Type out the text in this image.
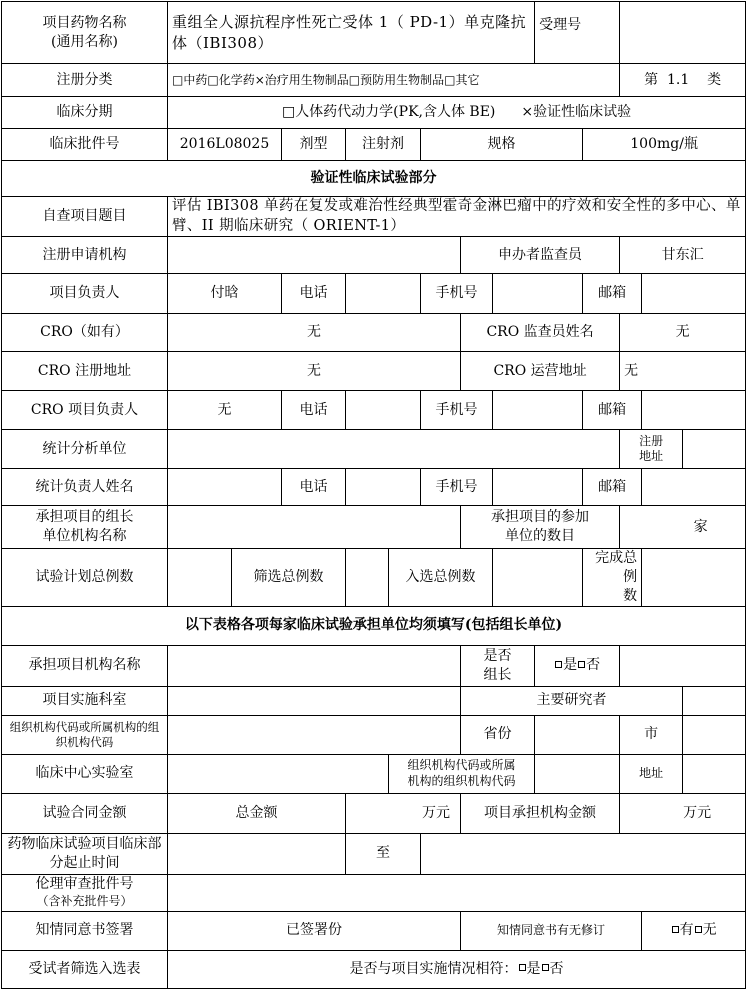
项目药物名称
(通用名称)	重组全人源抗程序性死亡受体 1（ PD-1）单克隆抗体（IBI308）								受理号				
注册分类	□中药□化学药×治疗用生物制品□预防用生物制品□其它										第  1.1    类		
临床分期	□人体药代动力学(PK,含人体 BE) ×验证性临床试验												
临床批件号	2016L08025		剂型	注射剂		规格				100mg/瓶			
验证性临床试验部分													
自查项目题目	评估 IBI308 单药在复发或难治性经典型霍奇金淋巴瘤中的疗效和安全性的多中心、单臂、II 期临床研究（ ORIENT-1）												
注册申请机构							申办者监查员				甘东汇		
项目负责人	付晗		电话			手机号				邮箱			
CRO（如有）	无						CRO 监查员姓名				无		
CRO 注册地址	无						CRO 运营地址				无		
CRO 项目负责人	无		电话			手机号				邮箱			
统计分析单位											注册
地址		
统计负责人姓名			电话			手机号				邮箱			
承担项目的组长
单位机构名称							承担项目的参加
单位的数目				家		
试验计划总例数		筛选总例数			入选总例数					完成总例
数			
以下表格各项每家临床试验承担单位均须填写(包括组长单位)													
承担项目机构名称							是否
组长		是 否				
项目实施科室							主要研究者						
组织机构代码或所属机构的组织机构代码							省份				市		
临床中心实验室					组织机构代码或所属
机构的组织机构代码						地址		
试验合同金额	总金额			万元			项目承担机构金额				万元		
药物临床试验项目临床部分起止时间				至									
伦理审查批件号
（含补充批件号）													
知情同意书签署	已签署份						知情同意书有无修订					有 无	
受试者筛选入选表	是否与项目实施情况相符： 是 否												
